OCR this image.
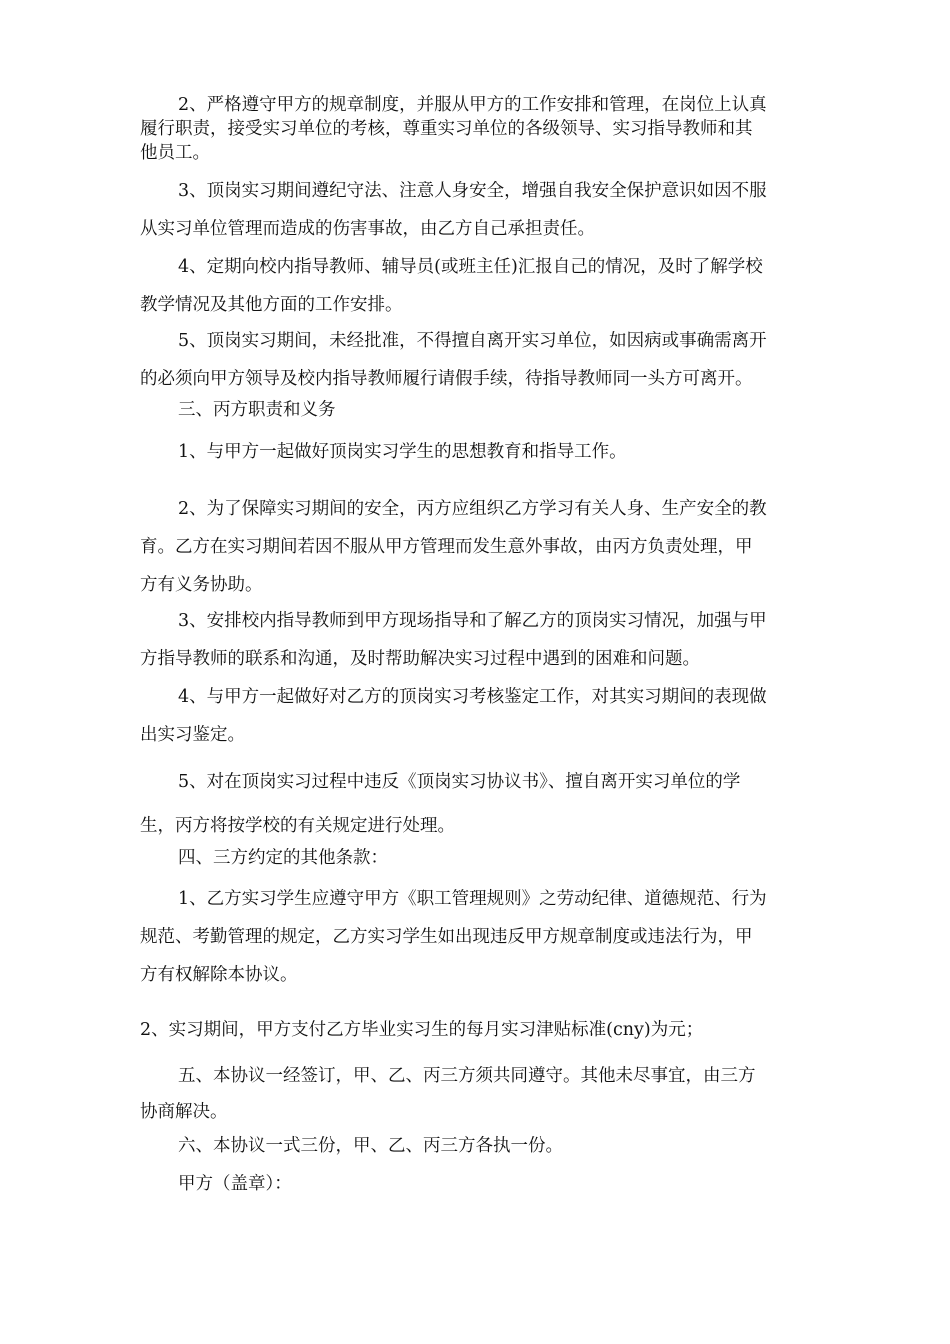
2、严格遵守甲方的规章制度，并服从甲方的工作安排和管理，在岗位上认真
履行职责，接受实习单位的考核，尊重实习单位的各级领导、实习指导教师和其
他员工。
3、顶岗实习期间遵纪守法、注意人身安全，增强自我安全保护意识如因不服
从实习单位管理而造成的伤害事故，由乙方自己承担责任。
4、定期向校内指导教师、辅导员(或班主任)汇报自己的情况，及时了解学校
教学情况及其他方面的工作安排。
5、顶岗实习期间，未经批准，不得擅自离开实习单位，如因病或事确需离开
的必须向甲方领导及校内指导教师履行请假手续，待指导教师同一头方可离开。
三、丙方职责和义务
1、与甲方一起做好顶岗实习学生的思想教育和指导工作。
2、为了保障实习期间的安全，丙方应组织乙方学习有关人身、生产安全的教
育。乙方在实习期间若因不服从甲方管理而发生意外事故，由丙方负责处理，甲
方有义务协助。
3、安排校内指导教师到甲方现场指导和了解乙方的顶岗实习情况，加强与甲
方指导教师的联系和沟通，及时帮助解决实习过程中遇到的困难和问题。
4、与甲方一起做好对乙方的顶岗实习考核鉴定工作，对其实习期间的表现做
出实习鉴定。
5、对在顶岗实习过程中违反《顶岗实习协议书》、擅自离开实习单位的学
生，丙方将按学校的有关规定进行处理。
四、三方约定的其他条款：
1、乙方实习学生应遵守甲方《职工管理规则》之劳动纪律、道德规范、行为
规范、考勤管理的规定，乙方实习学生如出现违反甲方规章制度或违法行为，甲
方有权解除本协议。
2、实习期间，甲方支付乙方毕业实习生的每月实习津贴标准(cny)为元；
五、本协议一经签订，甲、乙、丙三方须共同遵守。其他未尽事宜，由三方
协商解决。
六、本协议一式三份，甲、乙、丙三方各执一份。
甲方（盖章）：
